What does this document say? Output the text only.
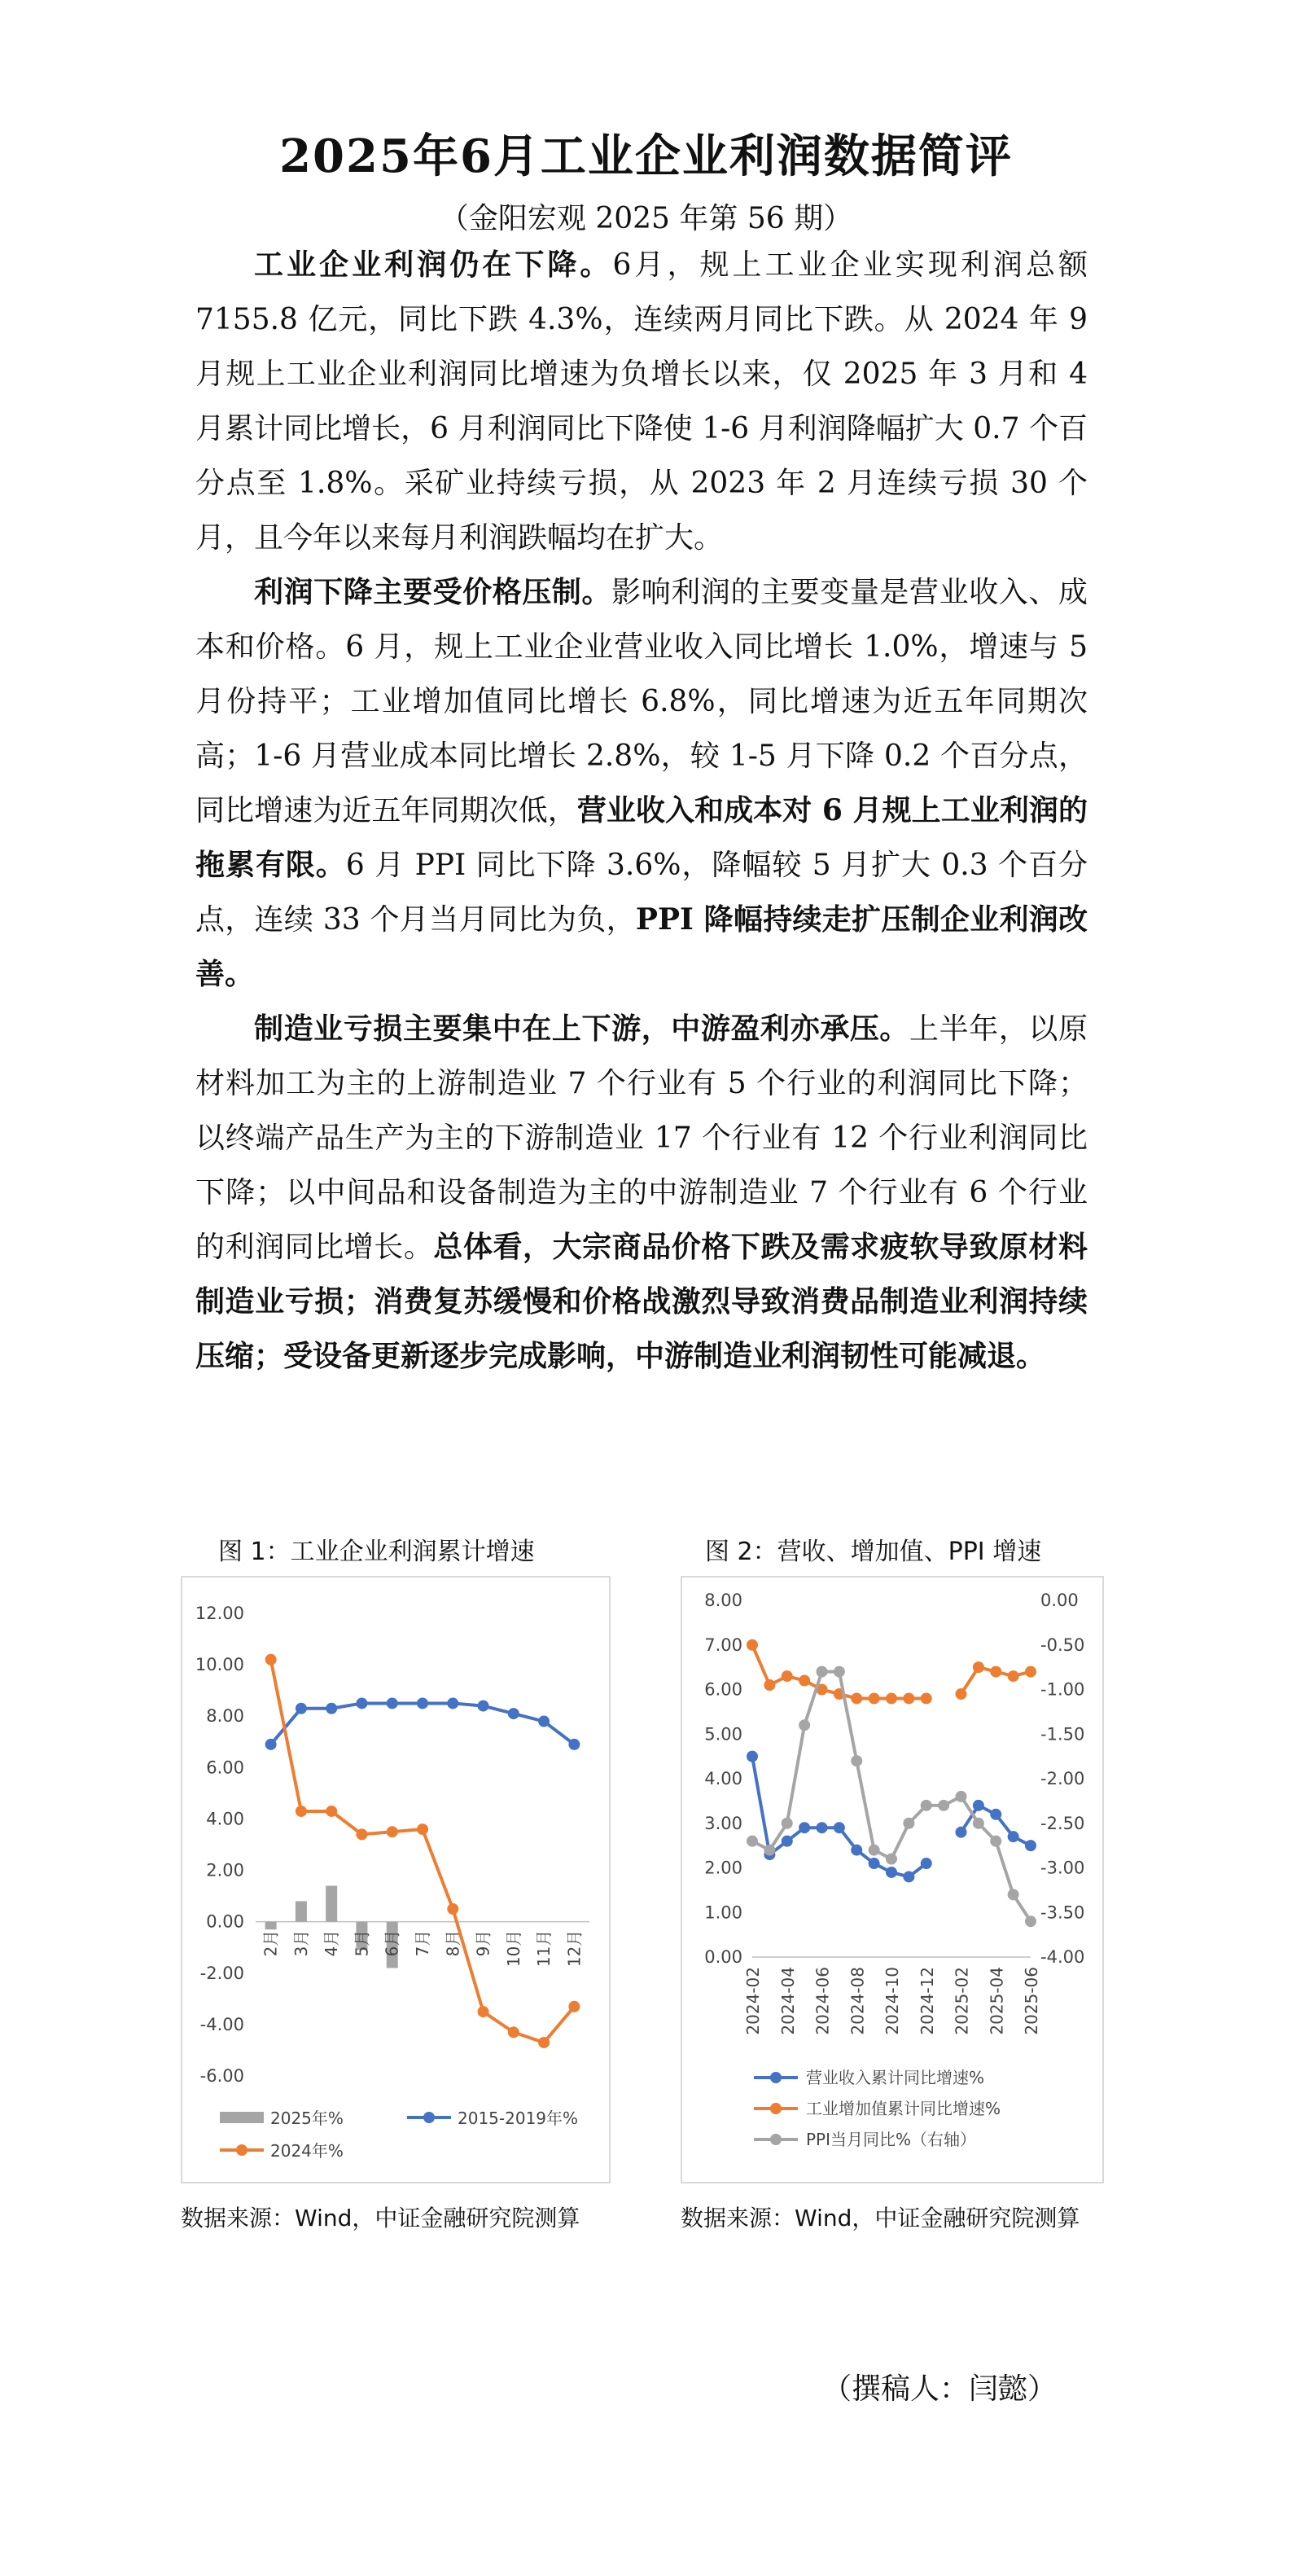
2025年6月工业企业利润数据简评
（金阳宏观 2025 年第 56 期）

工业企业利润仍在下降。6月，规上工业企业实现利润总额 7155.8 亿元，同比下跌 4.3%，连续两月同比下跌。从 2024 年 9 月规上工业企业利润同比增速为负增长以来，仅 2025 年 3 月和 4 月累计同比增长，6 月利润同比下降使 1-6 月利润降幅扩大 0.7 个百分点至 1.8%。采矿业持续亏损，从 2023 年 2 月连续亏损 30 个月，且今年以来每月利润跌幅均在扩大。

利润下降主要受价格压制。影响利润的主要变量是营业收入、成本和价格。6 月，规上工业企业营业收入同比增长 1.0%，增速与 5 月份持平；工业增加值同比增长 6.8%，同比增速为近五年同期次高；1-6 月营业成本同比增长 2.8%，较 1-5 月下降 0.2 个百分点，同比增速为近五年同期次低，营业收入和成本对 6 月规上工业利润的拖累有限。6 月 PPI 同比下降 3.6%，降幅较 5 月扩大 0.3 个百分点，连续 33 个月当月同比为负，PPI 降幅持续走扩压制企业利润改善。

制造业亏损主要集中在上下游，中游盈利亦承压。上半年，以原材料加工为主的上游制造业 7 个行业有 5 个行业的利润同比下降；以终端产品生产为主的下游制造业 17 个行业有 12 个行业利润同比下降；以中间品和设备制造为主的中游制造业 7 个行业有 6 个行业的利润同比增长。总体看，大宗商品价格下跌及需求疲软导致原材料制造业亏损；消费复苏缓慢和价格战激烈导致消费品制造业利润持续压缩；受设备更新逐步完成影响，中游制造业利润韧性可能减退。

图 1：工业企业利润累计增速	图 2：营收、增加值、PPI 增速
12.00
10.00
8.00
6.00
4.00
2.00
0.00
-2.00
-4.00
-6.00
2月 3月 4月 5月 6月 7月 8月 9月 10月 11月 12月
2025年%	2015-2019年%
2024年%
8.00
7.00
6.00
5.00
4.00
3.00
2.00
1.00
0.00
0.00
-0.50
-1.00
-1.50
-2.00
-2.50
-3.00
-3.50
-4.00
2024-02 2024-04 2024-06 2024-08 2024-10 2024-12 2025-02 2025-04 2025-06
营业收入累计同比增速%
工业增加值累计同比增速%
PPI当月同比%（右轴）
数据来源：Wind，中证金融研究院测算	数据来源：Wind，中证金融研究院测算
（撰稿人：闫懿）
